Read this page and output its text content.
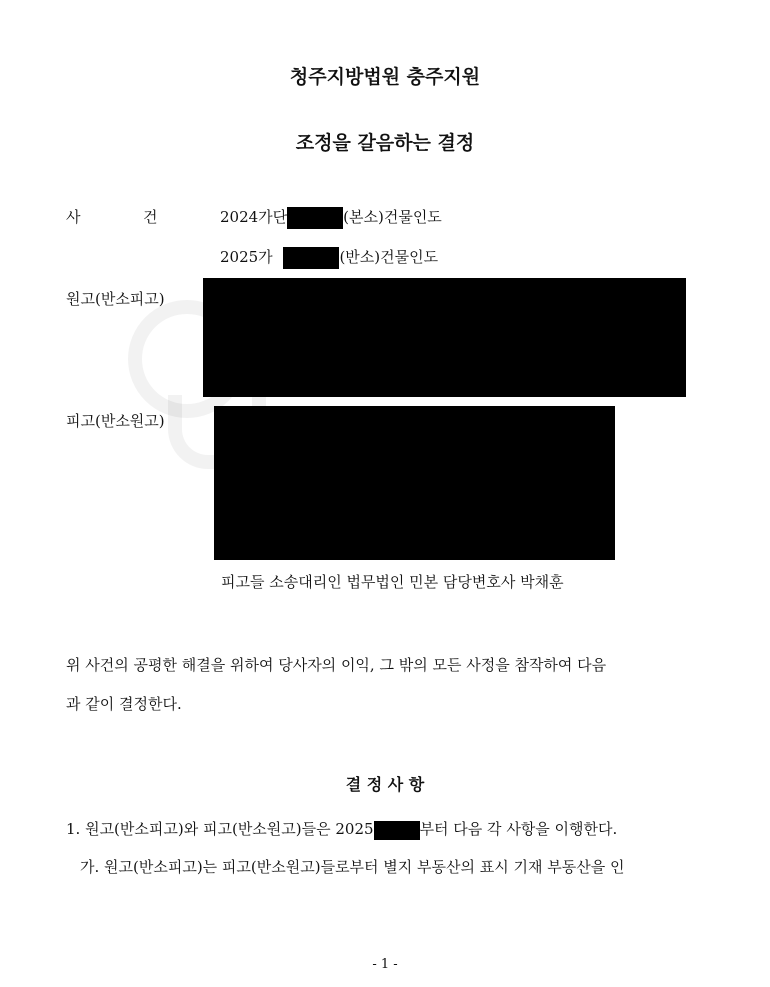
청주지방법원 충주지원
조정을 갈음하는 결정
사	건	2024가단	(본소)건물인도
2025가	(반소)건물인도
원고(반소피고)
피고(반소원고)
피고들 소송대리인 법무법인 민본 담당변호사 박채훈
위 사건의 공평한 해결을 위하여 당사자의 이익, 그 밖의 모든 사정을 참작하여 다음
과 같이 결정한다.
결 정 사 항
1. 원고(반소피고)와 피고(반소원고)들은 2025	부터 다음 각 사항을 이행한다.
가. 원고(반소피고)는 피고(반소원고)들로부터 별지 부동산의 표시 기재 부동산을 인
- 1 -
